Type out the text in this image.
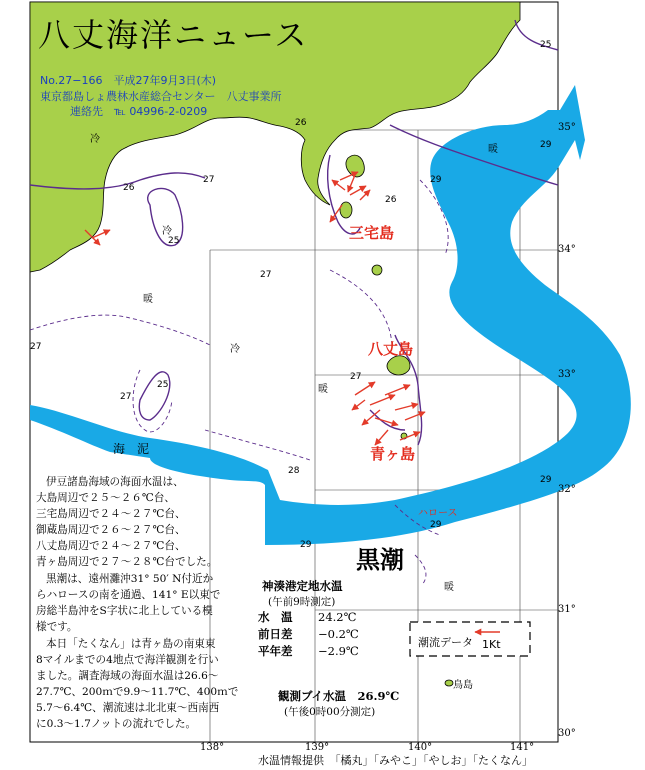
八丈海洋ニュース
No.27−166　平成27年9月3日(木)
東京都島しょ農林水産総合センター　八丈事業所
連絡先　℡ 04996-2-0209
三宅島
八丈島
青ヶ島
鳥島
黒潮
ハロース
海　泥
暖
暖
暖
暖
冷
冷
冷
26
27
25
27
26
26
29
29
27
27
25
27
28
29
29
29
25
35°
34°
33°
32°
31°
30°
138°	139°	140°	141°

伊豆諸島海域の海面水温は、
大島周辺で２５～２６℃台、
三宅島周辺で２４～２７℃台、
御蔵島周辺で２６～２７℃台、
八丈島周辺で２４～２７℃台、
青ヶ島周辺で２７～２８℃台でした。

黒潮は、遠州灘沖31° 50′ N付近か
らハロースの南を通過、141° E以東で
房総半島沖をS字状に北上している模
様です。

本日「たくなん」は青ヶ島の南東東
8マイルまでの4地点で海洋観測を行い
ました。調査海域の海面水温は26.6～
27.7℃、200ｍで9.9～11.7℃、400ｍで
5.7～6.4℃、潮流速は北北東～西南西
に0.3～1.7ノットの流れでした。

神湊港定地水温
(午前9時測定)
水　温	24.2℃
前日差	−0.2℃
平年差	−2.9℃
潮流データ 1Kt
観測ブイ水温　26.9℃
(午後0時00分測定)
水温情報提供　「橘丸」「みやこ」「やしお」「たくなん」
